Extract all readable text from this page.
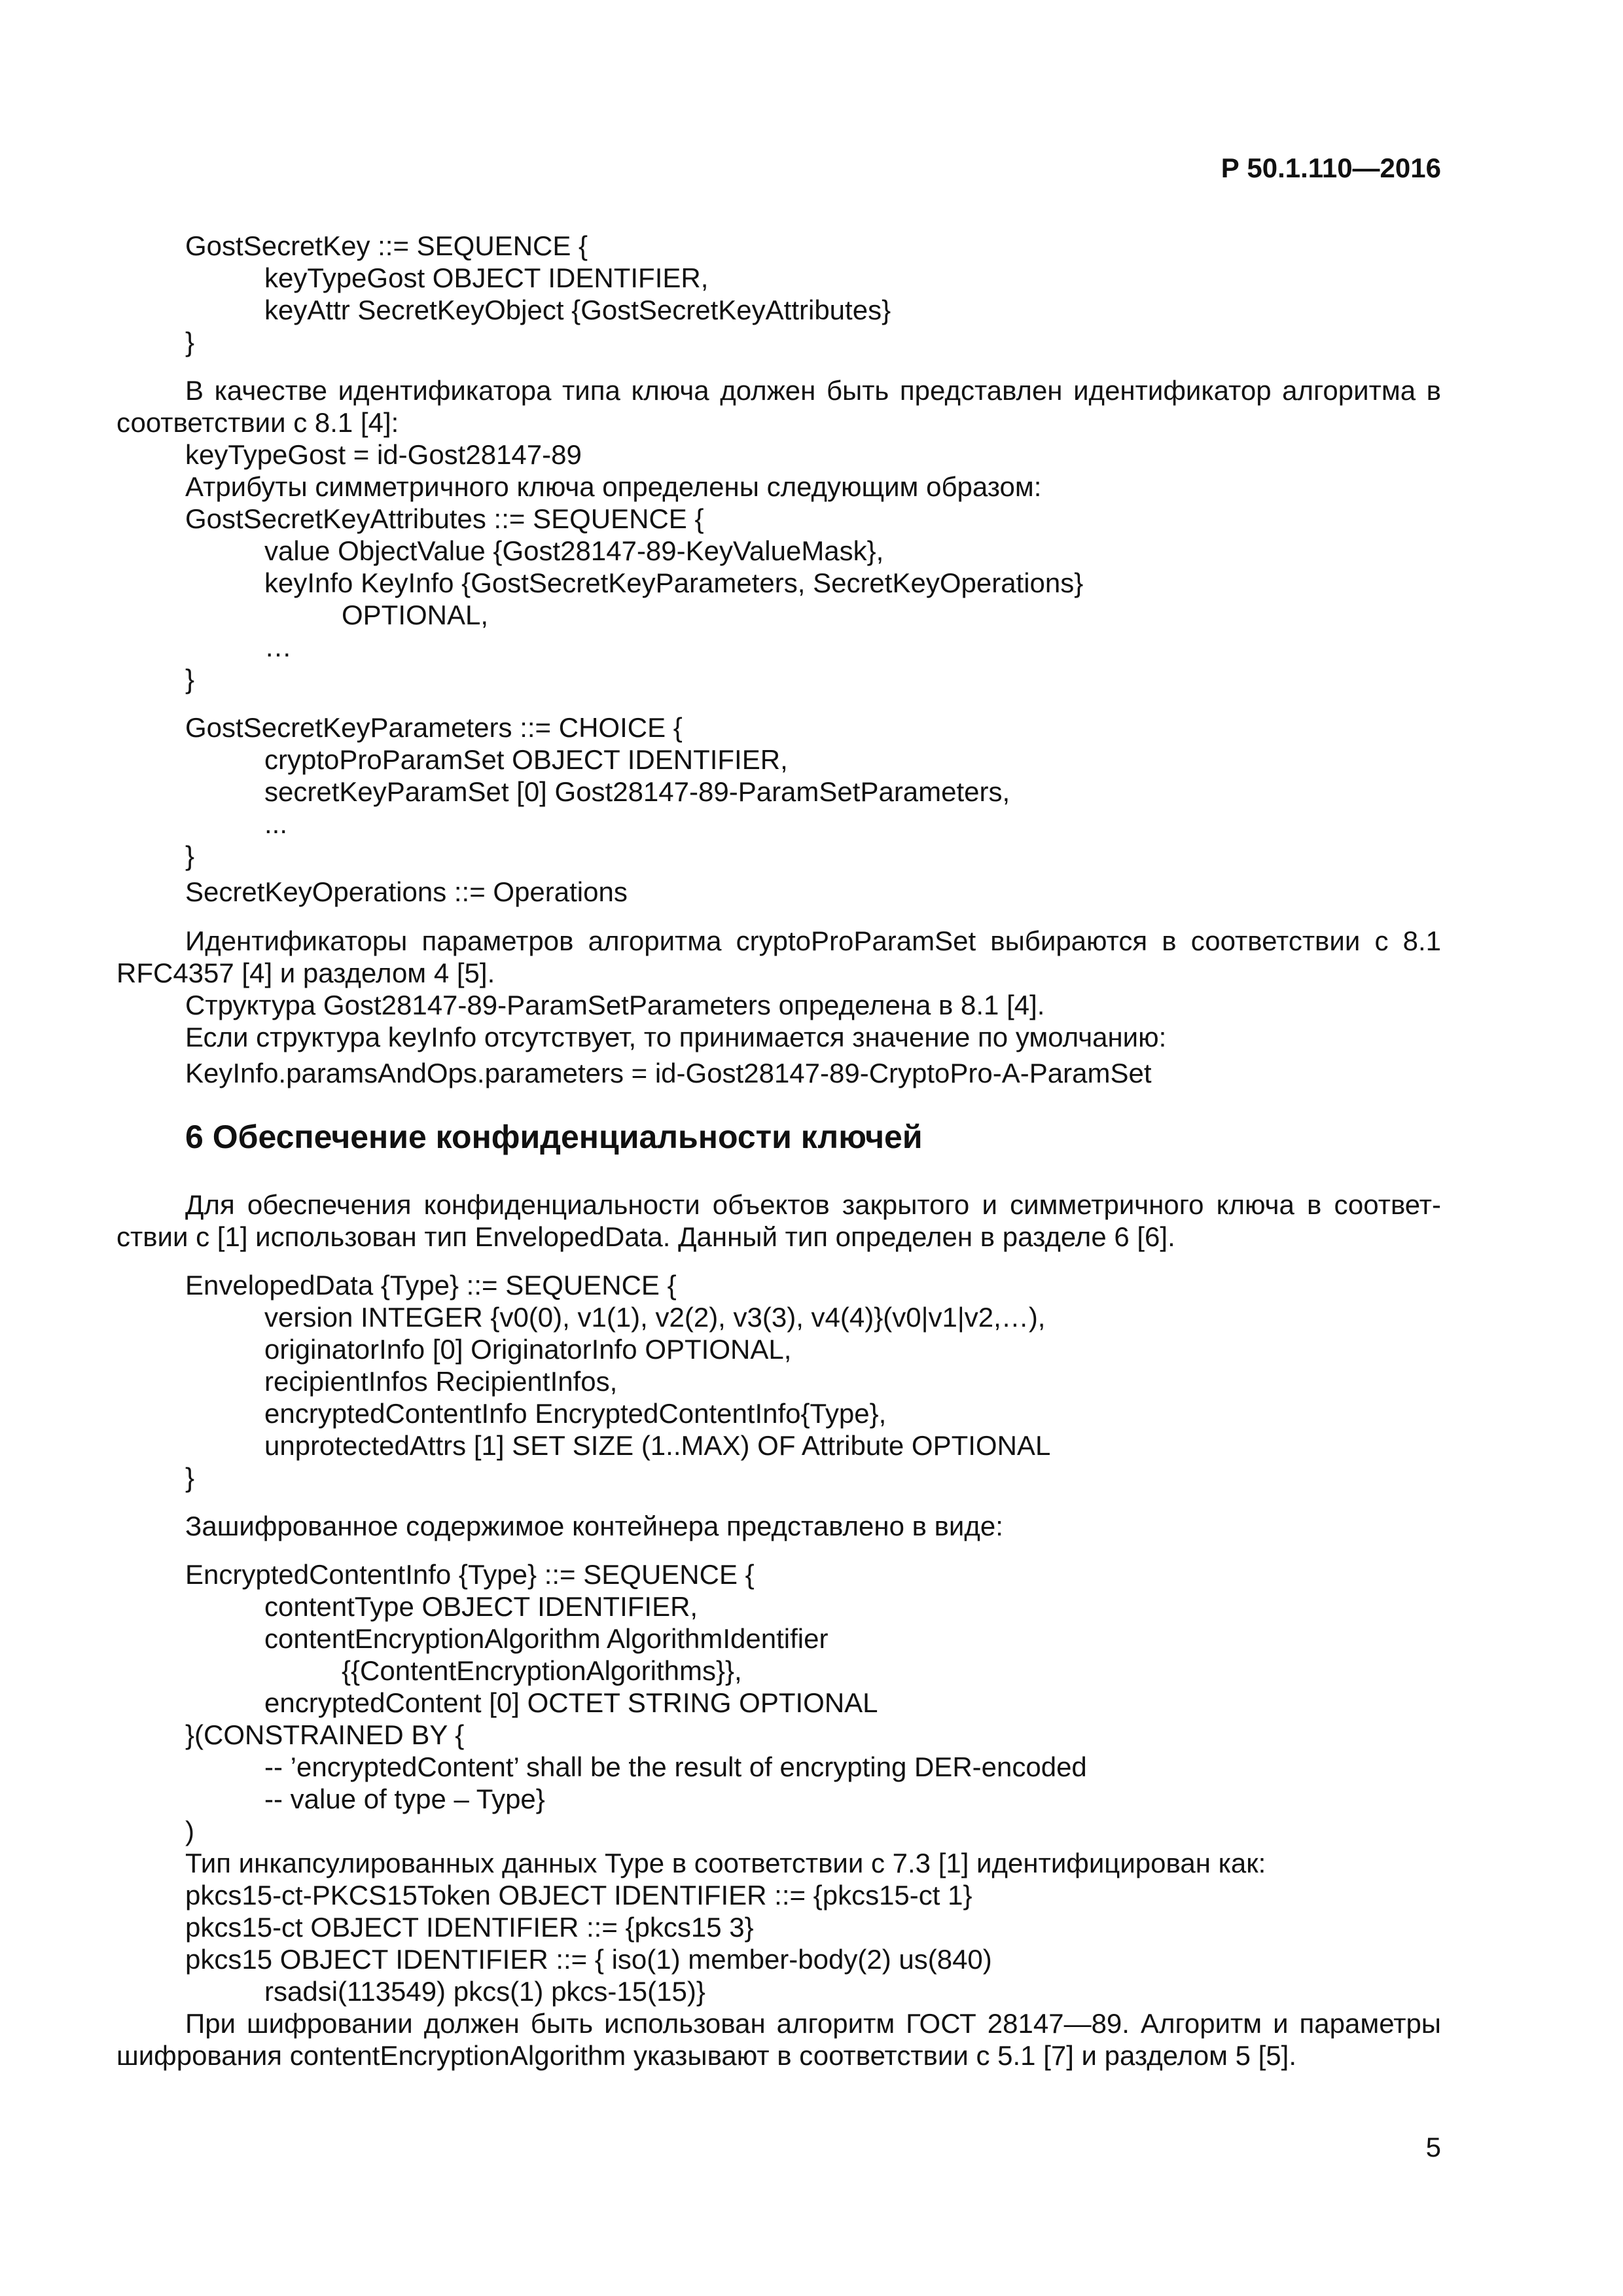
Р 50.1.110—2016
GostSecretKey ::= SEQUENCE {
keyTypeGost OBJECT IDENTIFIER,
keyAttr SecretKeyObject {GostSecretKeyAttributes}
}
В качестве идентификатора типа ключа должен быть представлен идентификатор алгоритма в
соответствии с 8.1 [4]:
keyTypeGost = id-Gost28147-89
Атрибуты симметричного ключа определены следующим образом:
GostSecretKeyAttributes ::= SEQUENCE {
value ObjectValue {Gost28147-89-KeyValueMask},
keyInfo KeyInfo {GostSecretKeyParameters, SecretKeyOperations}
OPTIONAL,
…
}
GostSecretKeyParameters ::= CHOICE {
cryptoProParamSet OBJECT IDENTIFIER,
secretKeyParamSet [0] Gost28147-89-ParamSetParameters,
...
}
SecretKeyOperations ::= Operations
Идентификаторы параметров алгоритма cryptoProParamSet выбираются в соответствии с 8.1
RFC4357 [4] и разделом 4 [5].
Структура Gost28147-89-ParamSetParameters определена в 8.1 [4].
Если структура keyInfo отсутствует, то принимается значение по умолчанию:
KeyInfo.paramsAndOps.parameters = id-Gost28147-89-CryptoPro-A-ParamSet
6 Обеспечение конфиденциальности ключей
Для обеспечения конфиденциальности объектов закрытого и симметричного ключа в соответ-
ствии с [1] использован тип EnvelopedData. Данный тип определен в разделе 6 [6].
EnvelopedData {Type} ::= SEQUENCE {
version INTEGER {v0(0), v1(1), v2(2), v3(3), v4(4)}(v0|v1|v2,…),
originatorInfo [0] OriginatorInfo OPTIONAL,
recipientInfos RecipientInfos,
encryptedContentInfo EncryptedContentInfo{Type},
unprotectedAttrs [1] SET SIZE (1..MAX) OF Attribute OPTIONAL
}
Зашифрованное содержимое контейнера представлено в виде:
EncryptedContentInfo {Type} ::= SEQUENCE {
contentType OBJECT IDENTIFIER,
contentEncryptionAlgorithm AlgorithmIdentifier
{{ContentEncryptionAlgorithms}},
encryptedContent [0] OCTET STRING OPTIONAL
}(CONSTRAINED BY {
-- ’encryptedContent’ shall be the result of encrypting DER-encoded
-- value of type – Type}
)
Тип инкапсулированных данных Type в соответствии с 7.3 [1] идентифицирован как:
pkcs15-ct-PKCS15Token OBJECT IDENTIFIER ::= {pkcs15-ct 1}
pkcs15-ct OBJECT IDENTIFIER ::= {pkcs15 3}
pkcs15 OBJECT IDENTIFIER ::= { iso(1) member-body(2) us(840)
rsadsi(113549) pkcs(1) pkcs-15(15)}
При шифровании должен быть использован алгоритм ГОСТ 28147—89. Алгоритм и параметры
шифрования contentEncryptionAlgorithm указывают в соответствии с 5.1 [7] и разделом 5 [5].
5
